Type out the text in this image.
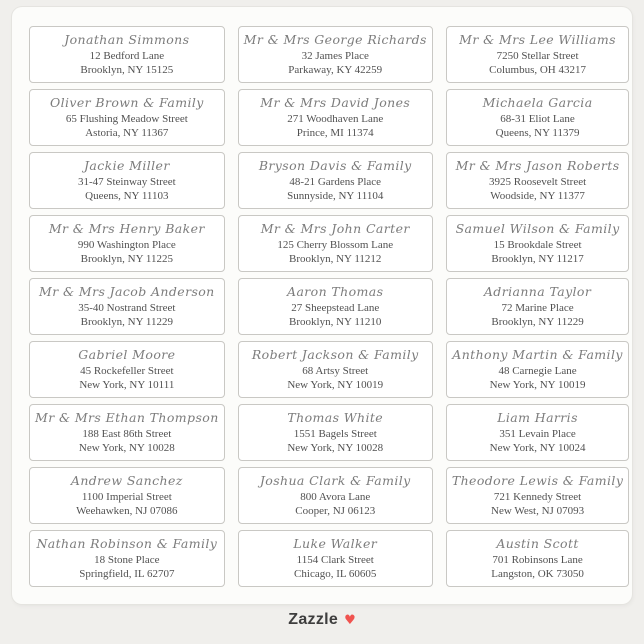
Jonathan Simmons
12 Bedford Lane
Brooklyn, NY 15125
Mr & Mrs George Richards
32 James Place
Parkaway, KY 42259
Mr & Mrs Lee Williams
7250 Stellar Street
Columbus, OH 43217
Oliver Brown & Family
65 Flushing Meadow Street
Astoria, NY 11367
Mr & Mrs David Jones
271 Woodhaven Lane
Prince, MI 11374
Michaela Garcia
68-31 Eliot Lane
Queens, NY 11379
Jackie Miller
31-47 Steinway Street
Queens, NY 11103
Bryson Davis & Family
48-21 Gardens Place
Sunnyside, NY 11104
Mr & Mrs Jason Roberts
3925 Roosevelt Street
Woodside, NY 11377
Mr & Mrs Henry Baker
990 Washington Place
Brooklyn, NY 11225
Mr & Mrs John Carter
125 Cherry Blossom Lane
Brooklyn, NY 11212
Samuel Wilson & Family
15 Brookdale Street
Brooklyn, NY 11217
Mr & Mrs Jacob Anderson
35-40 Nostrand Street
Brooklyn, NY 11229
Aaron Thomas
27 Sheepstead Lane
Brooklyn, NY 11210
Adrianna Taylor
72 Marine Place
Brooklyn, NY 11229
Gabriel Moore
45 Rockefeller Street
New York, NY 10111
Robert Jackson & Family
68 Artsy Street
New York, NY 10019
Anthony Martin & Family
48 Carnegie Lane
New York, NY 10019
Mr & Mrs Ethan Thompson
188 East 86th Street
New York, NY 10028
Thomas White
1551 Bagels Street
New York, NY 10028
Liam Harris
351 Levain Place
New York, NY 10024
Andrew Sanchez
1100 Imperial Street
Weehawken, NJ 07086
Joshua Clark & Family
800 Avora Lane
Cooper, NJ 06123
Theodore Lewis & Family
721 Kennedy Street
New West, NJ 07093
Nathan Robinson & Family
18 Stone Place
Springfield, IL 62707
Luke Walker
1154 Clark Street
Chicago, IL 60605
Austin Scott
701 Robinsons Lane
Langston, OK 73050
Zazzle ♥
